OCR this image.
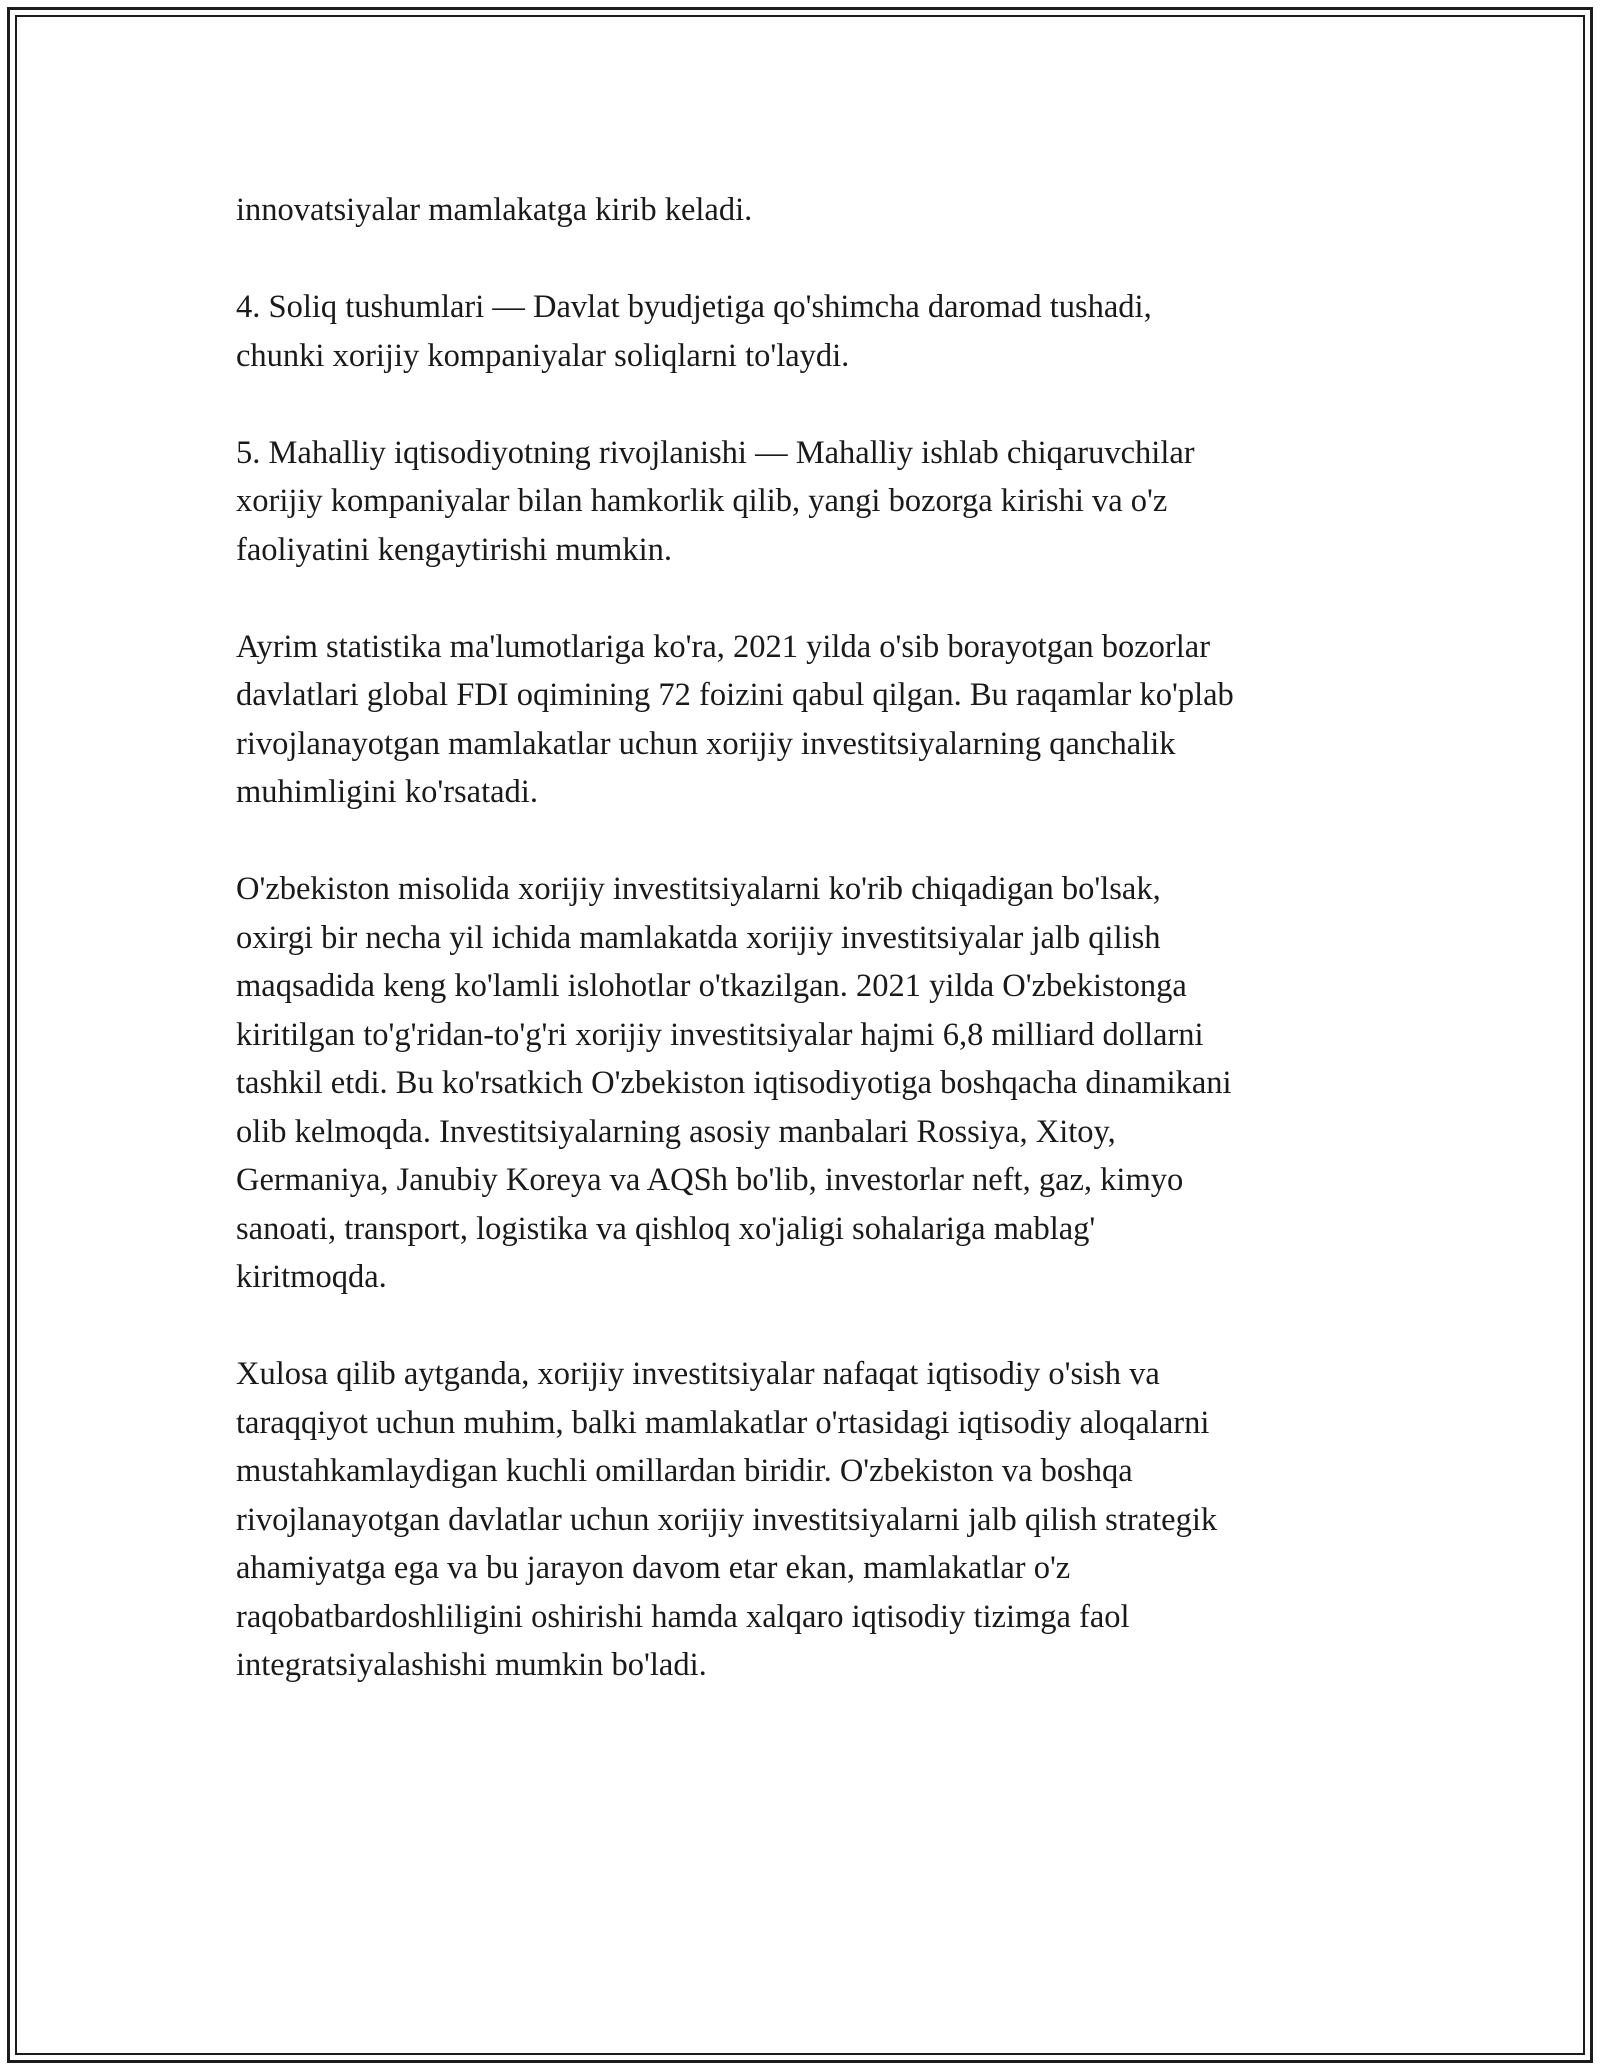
innovatsiyalar mamlakatga kirib keladi.

4. Soliq tushumlari — Davlat byudjetiga qo'shimcha daromad tushadi,
chunki xorijiy kompaniyalar soliqlarni to'laydi.

5. Mahalliy iqtisodiyotning rivojlanishi — Mahalliy ishlab chiqaruvchilar
xorijiy kompaniyalar bilan hamkorlik qilib, yangi bozorga kirishi va o'z
faoliyatini kengaytirishi mumkin.

Ayrim statistika ma'lumotlariga ko'ra, 2021 yilda o'sib borayotgan bozorlar
davlatlari global FDI oqimining 72 foizini qabul qilgan. Bu raqamlar ko'plab
rivojlanayotgan mamlakatlar uchun xorijiy investitsiyalarning qanchalik
muhimligini ko'rsatadi.

O'zbekiston misolida xorijiy investitsiyalarni ko'rib chiqadigan bo'lsak,
oxirgi bir necha yil ichida mamlakatda xorijiy investitsiyalar jalb qilish
maqsadida keng ko'lamli islohotlar o'tkazilgan. 2021 yilda O'zbekistonga
kiritilgan to'g'ridan-to'g'ri xorijiy investitsiyalar hajmi 6,8 milliard dollarni
tashkil etdi. Bu ko'rsatkich O'zbekiston iqtisodiyotiga boshqacha dinamikani
olib kelmoqda. Investitsiyalarning asosiy manbalari Rossiya, Xitoy,
Germaniya, Janubiy Koreya va AQSh bo'lib, investorlar neft, gaz, kimyo
sanoati, transport, logistika va qishloq xo'jaligi sohalariga mablag'
kiritmoqda.

Xulosa qilib aytganda, xorijiy investitsiyalar nafaqat iqtisodiy o'sish va
taraqqiyot uchun muhim, balki mamlakatlar o'rtasidagi iqtisodiy aloqalarni
mustahkamlaydigan kuchli omillardan biridir. O'zbekiston va boshqa
rivojlanayotgan davlatlar uchun xorijiy investitsiyalarni jalb qilish strategik
ahamiyatga ega va bu jarayon davom etar ekan, mamlakatlar o'z
raqobatbardoshliligini oshirishi hamda xalqaro iqtisodiy tizimga faol
integratsiyalashishi mumkin bo'ladi.
